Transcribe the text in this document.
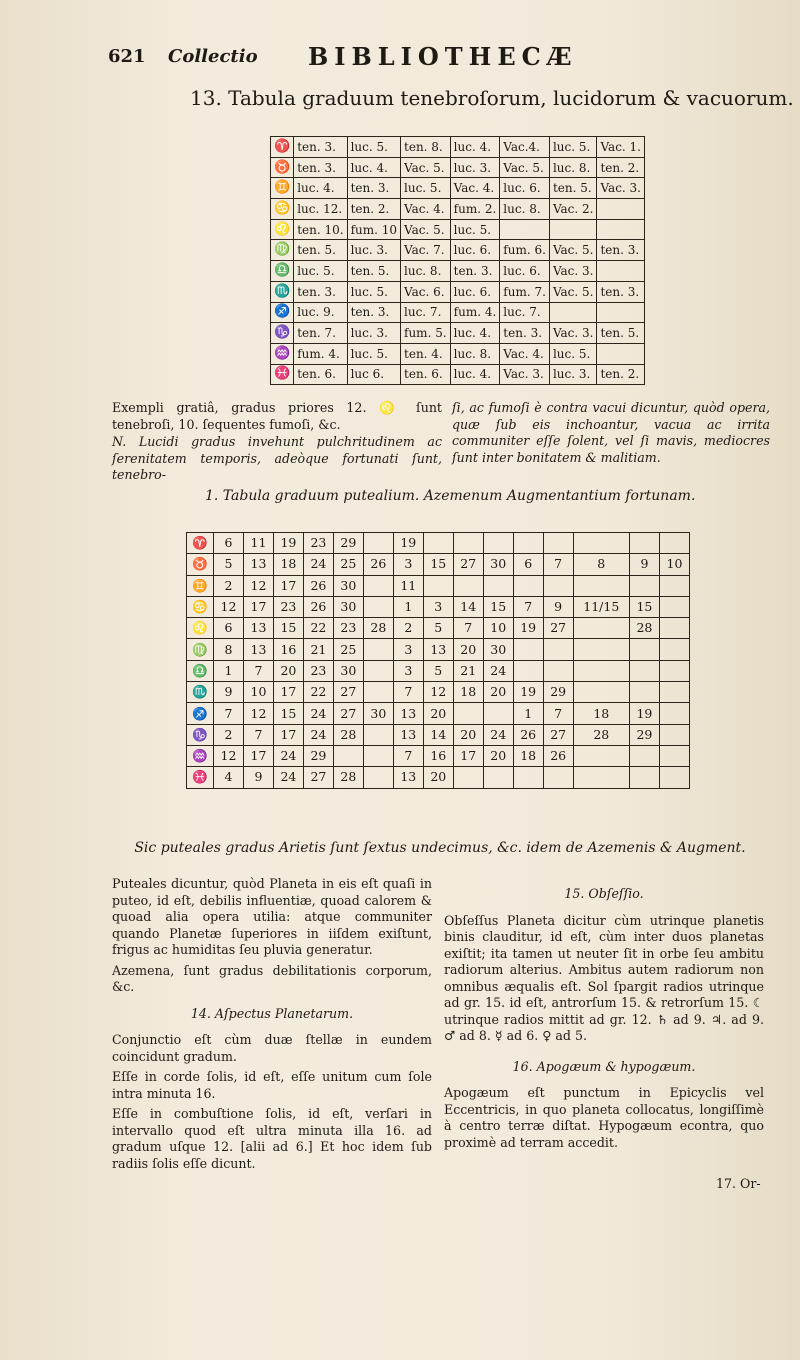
621 Collectio BIBLIOTHECÆ
13. Tabula graduum tenebroſorum, lucidorum & vacuorum.
♈	ten. 3.	luc. 5.	ten. 8.	luc. 4.	Vac.4.	luc. 5.	Vac. 1.
♉	ten. 3.	luc. 4.	Vac. 5.	luc. 3.	Vac. 5.	luc. 8.	ten. 2.
♊	luc. 4.	ten. 3.	luc. 5.	Vac. 4.	luc. 6.	ten. 5.	Vac. 3.
♋	luc. 12.	ten. 2.	Vac. 4.	fum. 2.	luc. 8.	Vac. 2.	
♌	ten. 10.	fum. 10	Vac. 5.	luc. 5.			
♍	ten. 5.	luc. 3.	Vac. 7.	luc. 6.	fum. 6.	Vac. 5.	ten. 3.
♎	luc. 5.	ten. 5.	luc. 8.	ten. 3.	luc. 6.	Vac. 3.	
♏	ten. 3.	luc. 5.	Vac. 6.	luc. 6.	fum. 7.	Vac. 5.	ten. 3.
♐	luc. 9.	ten. 3.	luc. 7.	fum. 4.	luc. 7.		
♑	ten. 7.	luc. 3.	fum. 5.	luc. 4.	ten. 3.	Vac. 3.	ten. 5.
♒	fum. 4.	luc. 5.	ten. 4.	luc. 8.	Vac. 4.	luc. 5.	
♓	ten. 6.	luc 6.	ten. 6.	luc. 4.	Vac. 3.	luc. 3.	ten. 2.
Exempli gratiâ, gradus priores 12. ♌ ſunt tenebroſi, 10. ſequentes fumoſi, &c.
N. Lucidi gradus invehunt pulchritudinem ac ſerenitatem temporis, adeòque fortunati ſunt, tenebro-
ſi, ac fumoſi è contra vacui dicuntur, quòd opera, quæ ſub eis inchoantur, vacua ac irrita communiter eſſe ſolent, vel ſi mavis, mediocres ſunt inter bonitatem & malitiam.
1. Tabula graduum putealium. Azemenum Augmentantium fortunam.
♈	6	11	19	23	29		19								
♉	5	13	18	24	25	26	3	15	27	30	6	7	8	9	10
♊	2	12	17	26	30		11								
♋	12	17	23	26	30		1	3	14	15	7	9	11/15	15	
♌	6	13	15	22	23	28	2	5	7	10	19	27		28	
♍	8	13	16	21	25		3	13	20	30					
♎	1	7	20	23	30		3	5	21	24					
♏	9	10	17	22	27		7	12	18	20	19	29			
♐	7	12	15	24	27	30	13	20			1	7	18	19	
♑	2	7	17	24	28		13	14	20	24	26	27	28	29	
♒	12	17	24	29			7	16	17	20	18	26			
♓	4	9	24	27	28		13	20							
Sic puteales gradus Arietis ſunt ſextus undecimus, &c. idem de Azemenis & Augment.
Puteales dicuntur, quòd Planeta in eis eſt quaſi in puteo, id eſt, debilis influentiæ, quoad calorem & quoad alia opera utilia: atque communiter quando Planetæ ſuperiores in iiſdem exiſtunt, frigus ac humiditas ſeu pluvia generatur.
Azemena, ſunt gradus debilitationis corporum, &c.
14. Aſpectus Planetarum.
Conjunctio eſt cùm duæ ſtellæ in eundem coincidunt gradum.
Eſſe in corde ſolis, id eſt, eſſe unitum cum ſole intra minuta 16.
Eſſe in combuſtione ſolis, id eſt, verſari in intervallo quod eſt ultra minuta illa 16. ad gradum uſque 12. [alii ad 6.] Et hoc idem ſub radiis ſolis eſſe dicunt.
15. Obſeſſio.
Obſeſſus Planeta dicitur cùm utrinque planetis binis clauditur, id eſt, cùm inter duos planetas exiſtit; ita tamen ut neuter ſit in orbe ſeu ambitu radiorum alterius. Ambitus autem radiorum non omnibus æqualis eſt. Sol ſpargit radios utrinque ad gr. 15. id eſt, antrorſum 15. & retrorſum 15. ☾ utrinque radios mittit ad gr. 12. ♄ ad 9. ♃. ad 9. ♂ ad 8. ☿ ad 6. ♀ ad 5.
16. Apogæum & hypogæum.
Apogæum eſt punctum in Epicyclis vel Eccentricis, in quo planeta collocatus, longiſſimè à centro terræ diſtat. Hypogæum econtra, quo proximè ad terram accedit.
17. Or-
